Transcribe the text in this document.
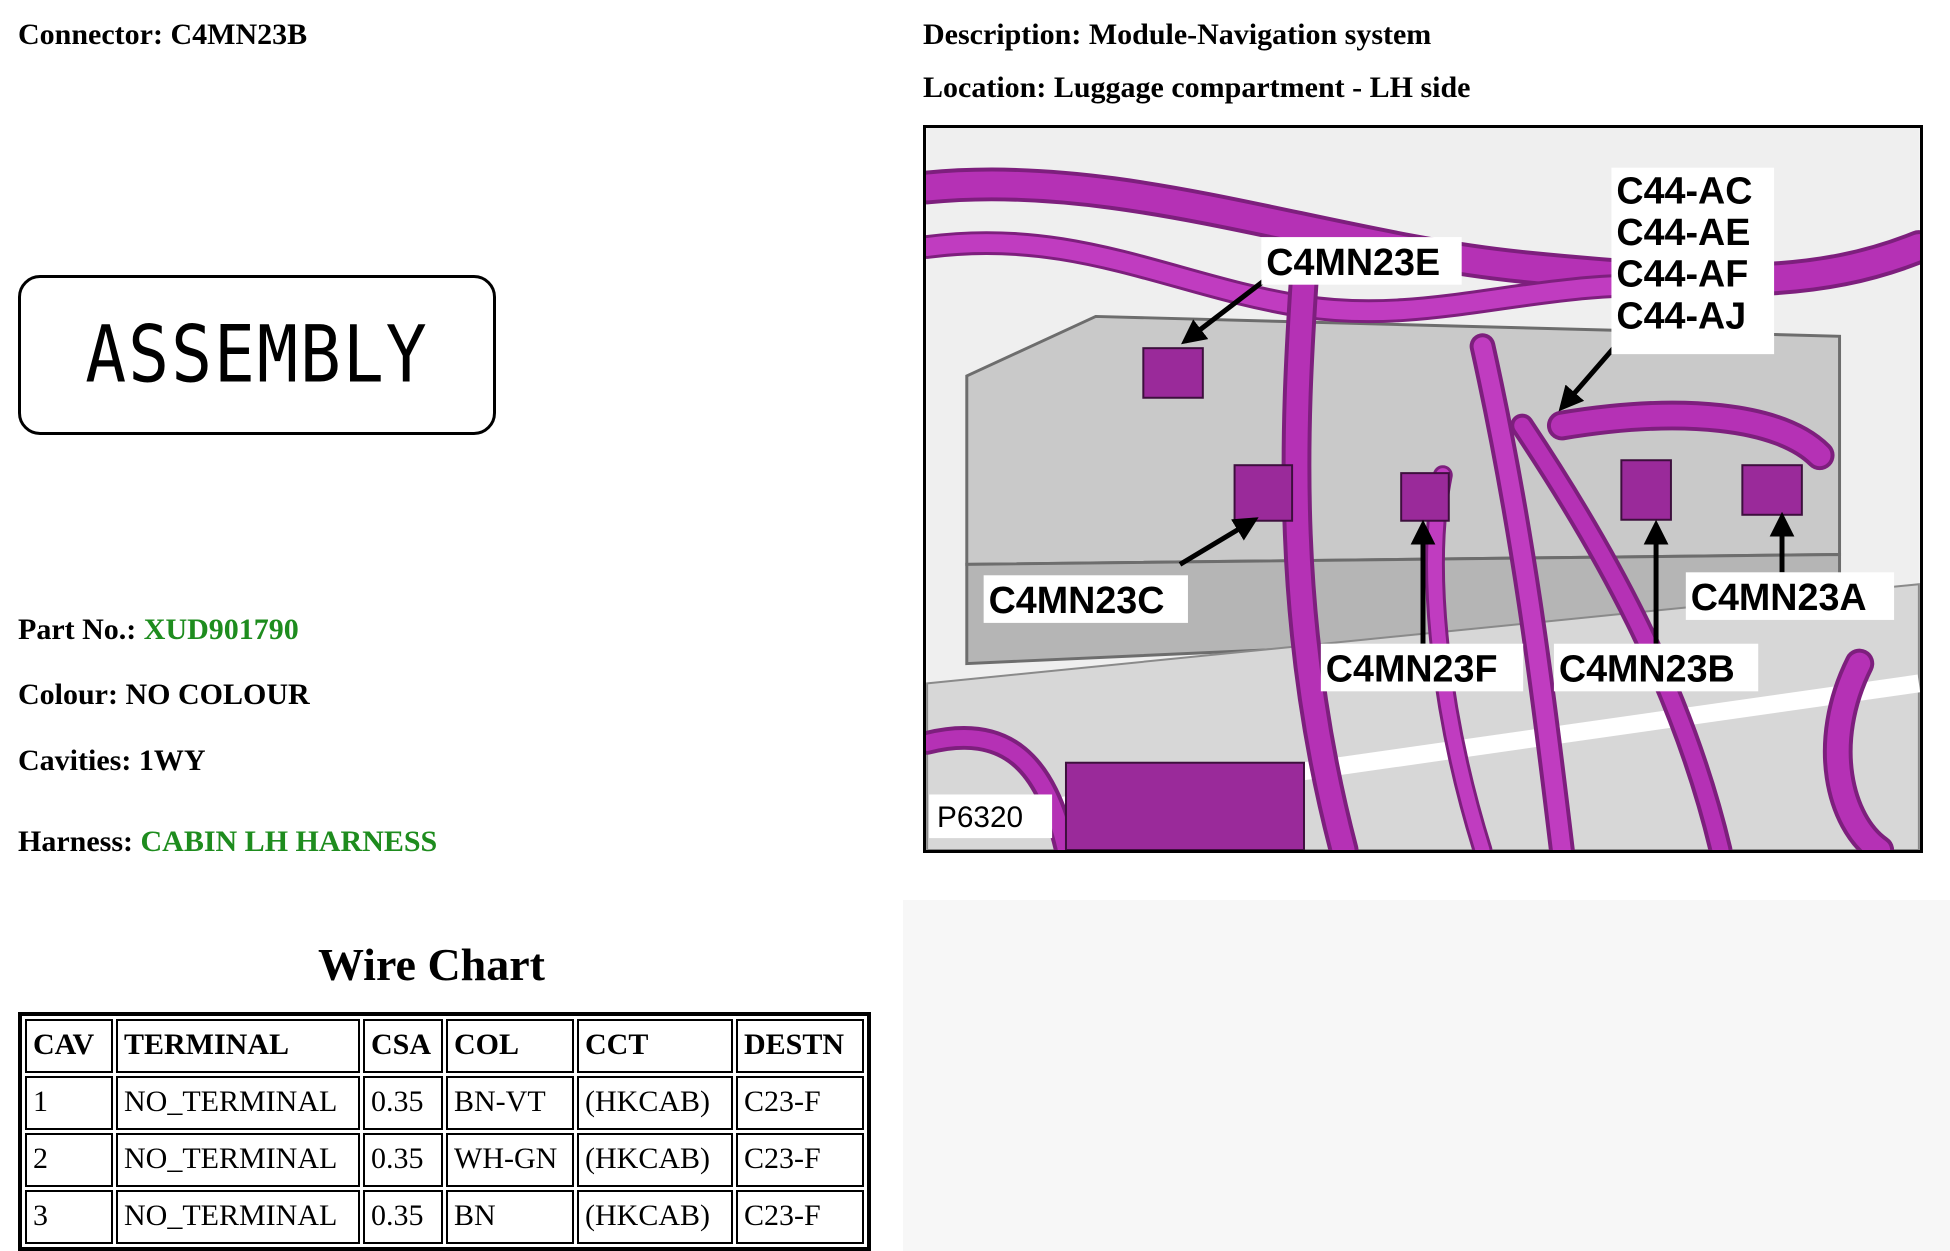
Connector: C4MN23B	Description: Module-Navigation system
Location: Luggage compartment - LH side
ASSEMBLY
Part No.: XUD901790
Colour: NO COLOUR
Cavities: 1WY
Harness: CABIN LH HARNESS
C4MN23E
C44-AC
C44-AE
C44-AF
C44-AJ
C4MN23C
C4MN23F C4MN23B
C4MN23A
P6320
Wire Chart
CAV	TERMINAL	CSA	COL	CCT	DESTN
1	NO_TERMINAL	0.35	BN-VT	(HKCAB)	C23-F
2	NO_TERMINAL	0.35	WH-GN	(HKCAB)	C23-F
3	NO_TERMINAL	0.35	BN	(HKCAB)	C23-F
